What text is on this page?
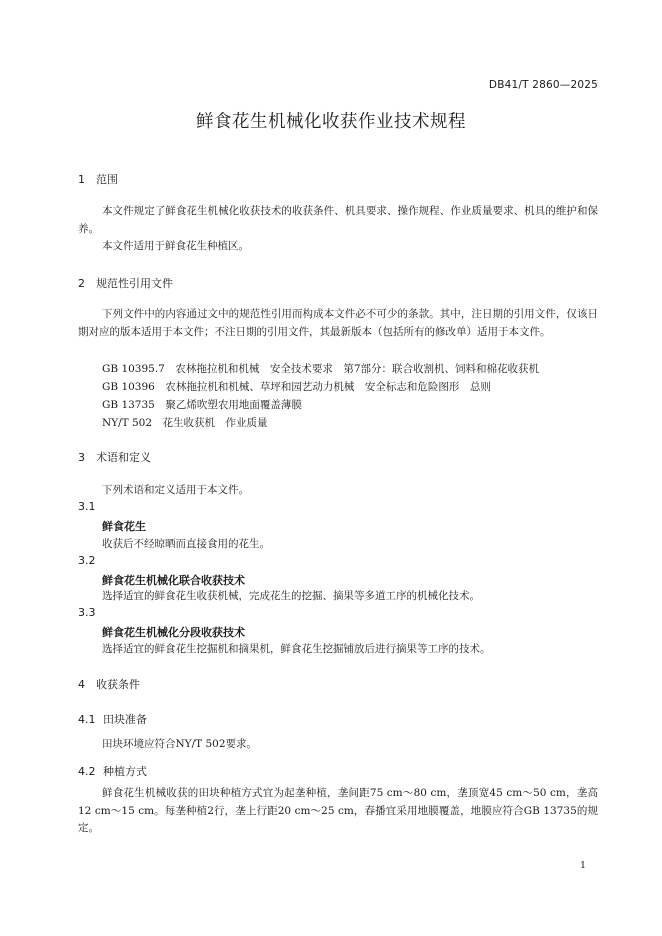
DB41/T 2860—2025
鲜食花生机械化收获作业技术规程
1 范围

本文件规定了鲜食花生机械化收获技术的收获条件、机具要求、操作规程、作业质量要求、机具的维护和保养。

本文件适用于鲜食花生种植区。

2 规范性引用文件

下列文件中的内容通过文中的规范性引用而构成本文件必不可少的条款。其中，注日期的引用文件，仅该日期对应的版本适用于本文件；不注日期的引用文件，其最新版本（包括所有的修改单）适用于本文件。

GB 10395.7　农林拖拉机和机械　安全技术要求　第7部分：联合收割机、饲料和棉花收获机
GB 10396　农林拖拉机和机械、草坪和园艺动力机械　安全标志和危险图形　总则
GB 13735　聚乙烯吹塑农用地面覆盖薄膜
NY/T 502　花生收获机　作业质量
3 术语和定义

下列术语和定义适用于本文件。

3.1
鲜食花生
收获后不经晾晒而直接食用的花生。
3.2
鲜食花生机械化联合收获技术
选择适宜的鲜食花生收获机械，完成花生的挖掘、摘果等多道工序的机械化技术。
3.3
鲜食花生机械化分段收获技术
选择适宜的鲜食花生挖掘机和摘果机，鲜食花生挖掘铺放后进行摘果等工序的技术。
4 收获条件
4.1 田块准备

田块环境应符合NY/T 502要求。

4.2 种植方式

鲜食花生机械收获的田块种植方式宜为起垄种植，垄间距75 cm～80 cm，垄顶宽45 cm～50 cm，垄高12 cm～15 cm。每垄种植2行，垄上行距20 cm～25 cm，春播宜采用地膜覆盖，地膜应符合GB 13735的规定。

1
